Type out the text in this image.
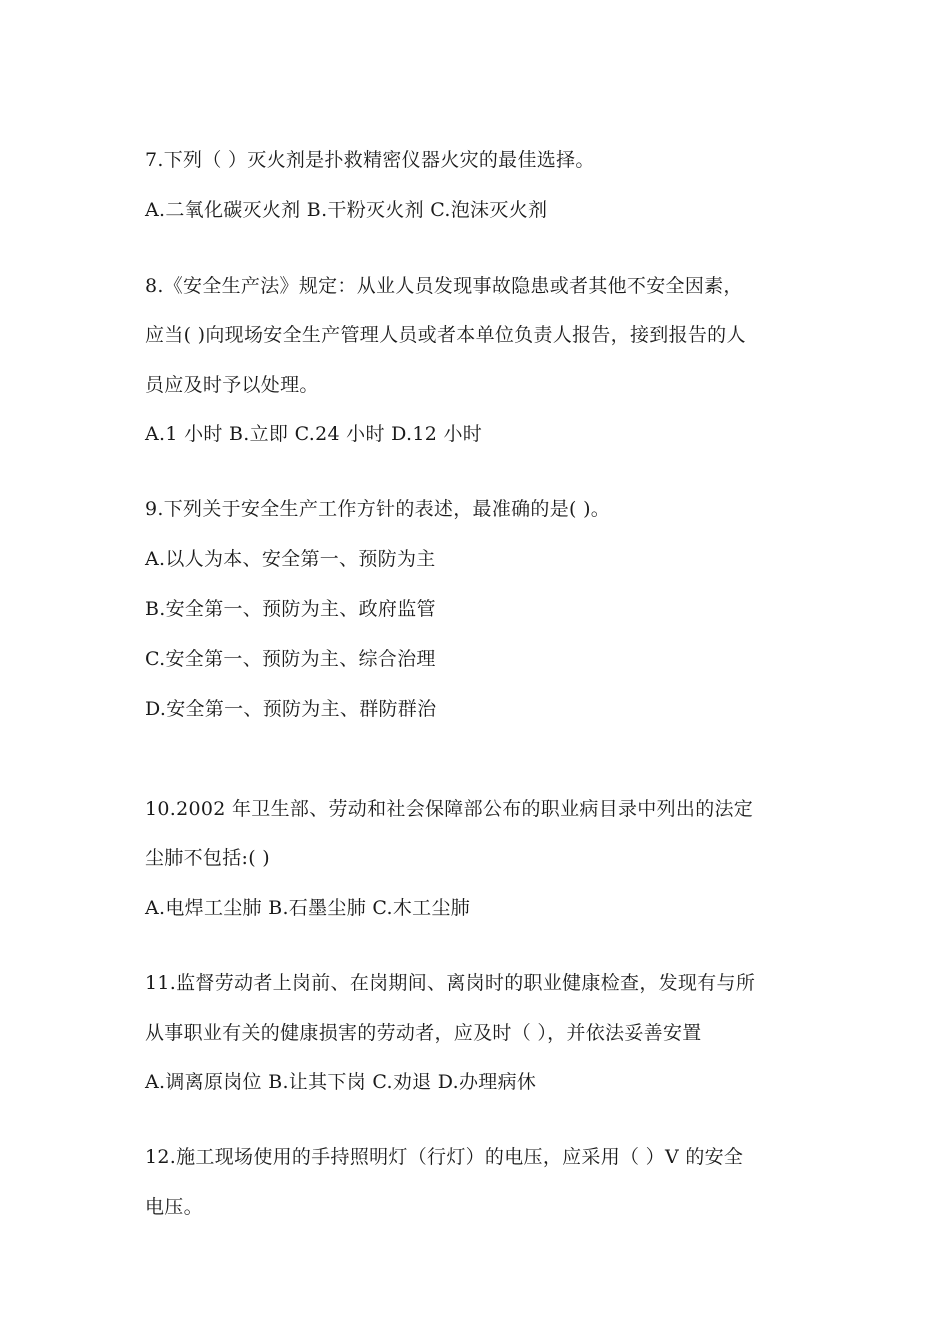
7.下列（ ）灭火剂是扑救精密仪器火灾的最佳选择。
A.二氧化碳灭火剂 B.干粉灭火剂 C.泡沫灭火剂
8.《安全生产法》规定：从业人员发现事故隐患或者其他不安全因素，
应当( )向现场安全生产管理人员或者本单位负责人报告，接到报告的人
员应及时予以处理。
A.1 小时 B.立即 C.24 小时 D.12 小时
9.下列关于安全生产工作方针的表述，最准确的是( )。
A.以人为本、安全第一、预防为主
B.安全第一、预防为主、政府监管
C.安全第一、预防为主、综合治理
D.安全第一、预防为主、群防群治
10.2002 年卫生部、劳动和社会保障部公布的职业病目录中列出的法定
尘肺不包括:( )
A.电焊工尘肺 B.石墨尘肺 C.木工尘肺
11.监督劳动者上岗前、在岗期间、离岗时的职业健康检查，发现有与所
从事职业有关的健康损害的劳动者，应及时（ ），并依法妥善安置
A.调离原岗位 B.让其下岗 C.劝退 D.办理病休
12.施工现场使用的手持照明灯（行灯）的电压，应采用（ ）V 的安全
电压。
